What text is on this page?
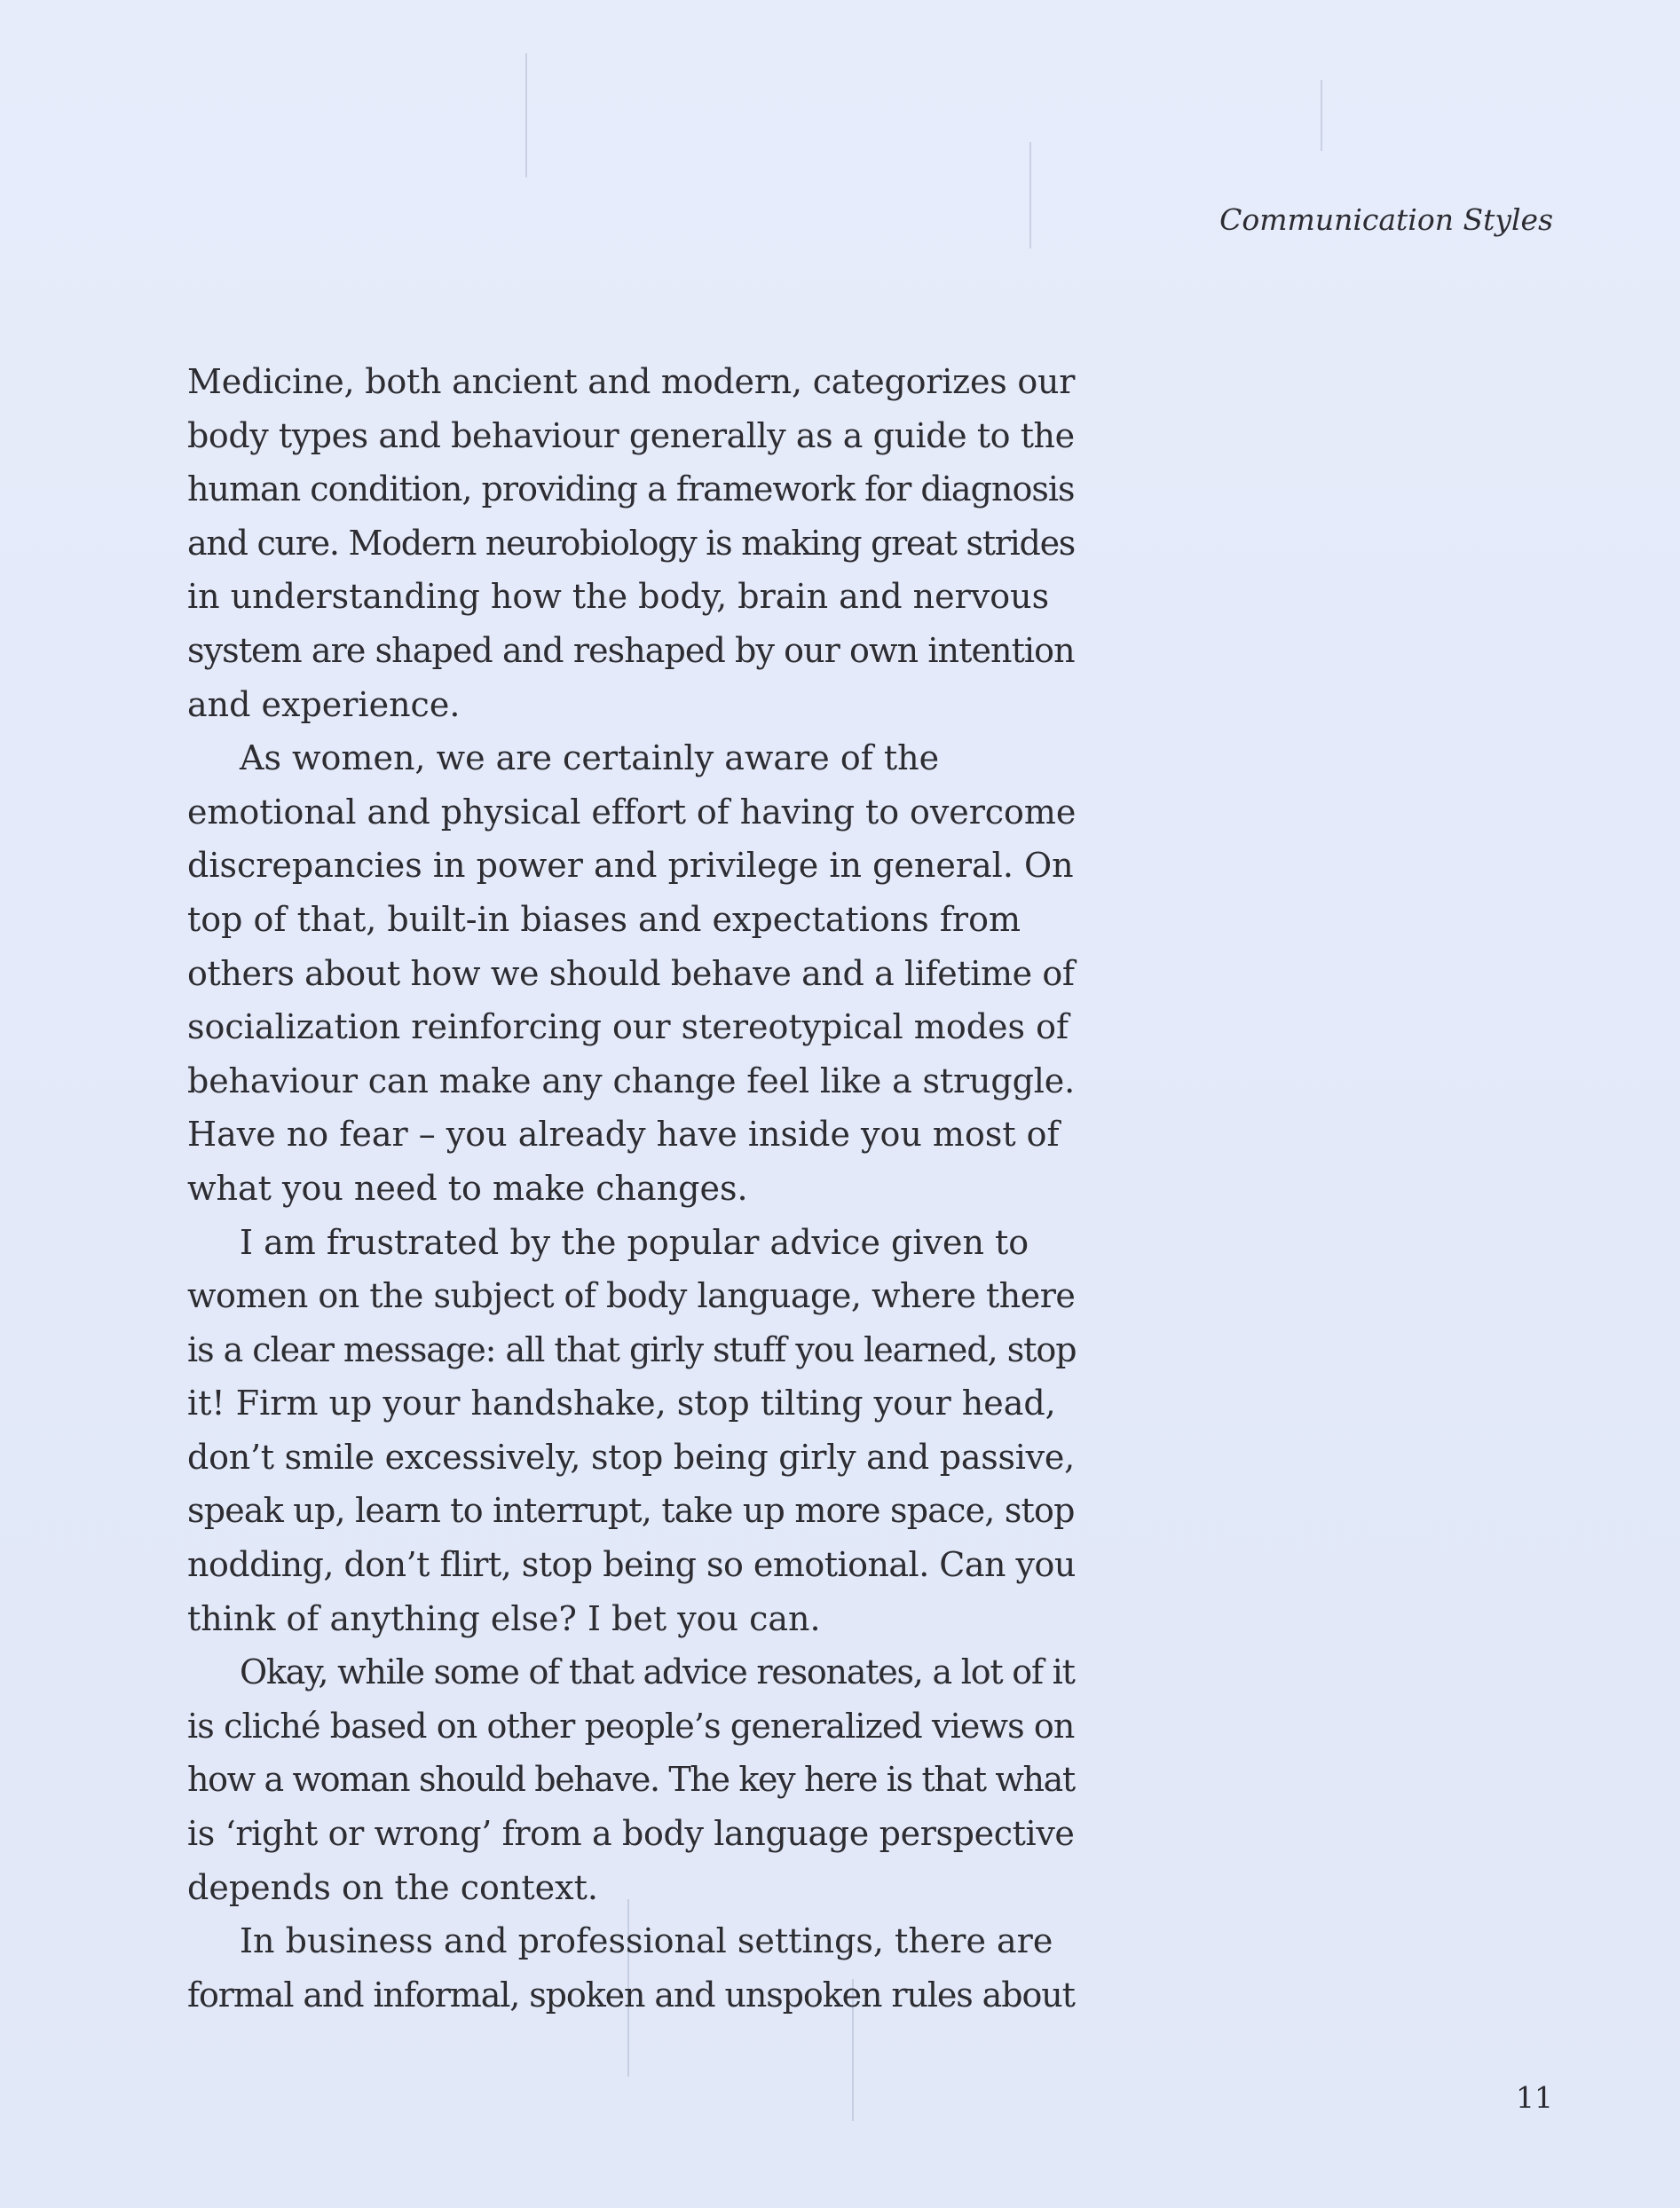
Communication Styles

Medicine, both ancient and modern, categorizes our

body types and behaviour generally as a guide to the

human condition, providing a framework for diagnosis

and cure. Modern neurobiology is making great strides

in understanding how the body, brain and nervous

system are shaped and reshaped by our own intention

and experience.

As women, we are certainly aware of the

emotional and physical effort of having to overcome

discrepancies in power and privilege in general. On

top of that, built-in biases and expectations from

others about how we should behave and a lifetime of

socialization reinforcing our stereotypical modes of

behaviour can make any change feel like a struggle.

Have no fear – you already have inside you most of

what you need to make changes.

I am frustrated by the popular advice given to

women on the subject of body language, where there

is a clear message: all that girly stuff you learned, stop

it! Firm up your handshake, stop tilting your head,

don’t smile excessively, stop being girly and passive,

speak up, learn to interrupt, take up more space, stop

nodding, don’t flirt, stop being so emotional. Can you

think of anything else? I bet you can.

Okay, while some of that advice resonates, a lot of it

is cliché based on other people’s generalized views on

how a woman should behave. The key here is that what

is ‘right or wrong’ from a body language perspective

depends on the context.

In business and professional settings, there are

formal and informal, spoken and unspoken rules about

11
